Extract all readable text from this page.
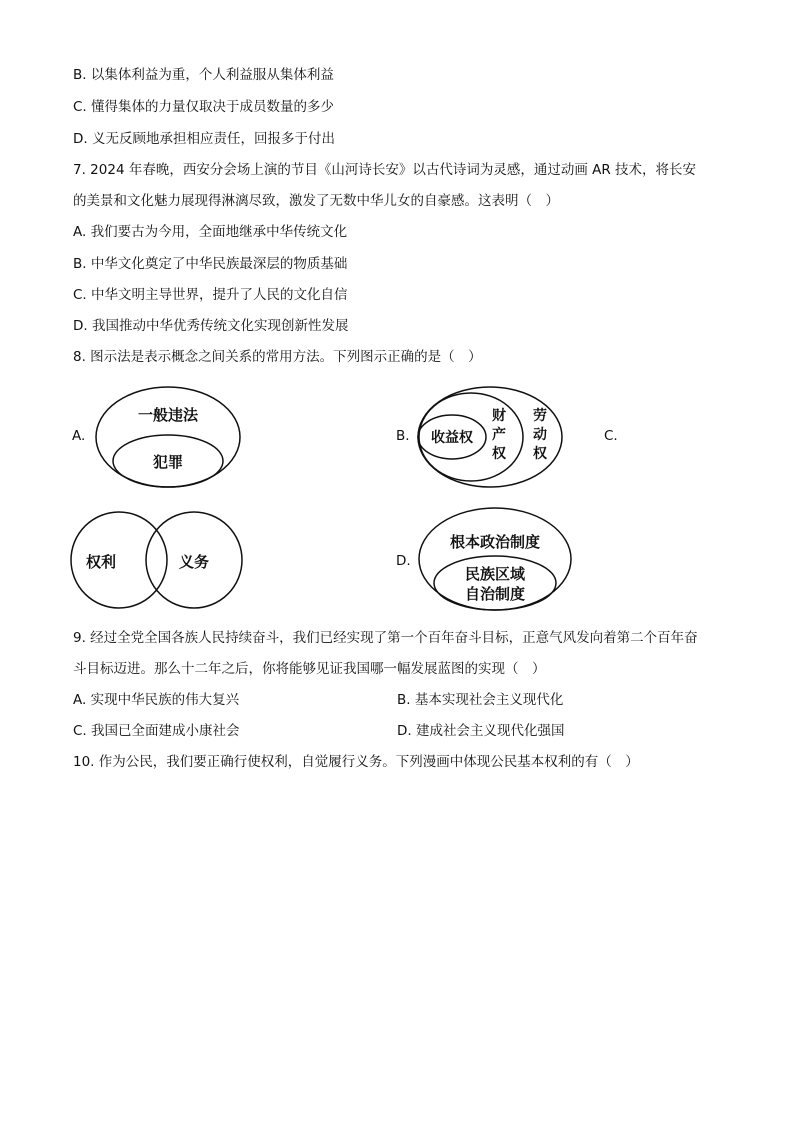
B. 以集体利益为重，个人利益服从集体利益
C. 懂得集体的力量仅取决于成员数量的多少
D. 义无反顾地承担相应责任，回报多于付出
7. 2024 年春晚，西安分会场上演的节目《山河诗长安》以古代诗词为灵感，通过动画 AR 技术，将长安
的美景和文化魅力展现得淋漓尽致，激发了无数中华儿女的自豪感。这表明（　）
A. 我们要古为今用，全面地继承中华传统文化
B. 中华文化奠定了中华民族最深层的物质基础
C. 中华文明主导世界，提升了人民的文化自信
D. 我国推动中华优秀传统文化实现创新性发展
8. 图示法是表示概念之间关系的常用方法。下列图示正确的是（　）
A.
一般违法
犯罪
B. 收益权
财
产
权
劳
动
权
C.
权利	义务	D.
根本政治制度
民族区域
自治制度
9. 经过全党全国各族人民持续奋斗，我们已经实现了第一个百年奋斗目标，正意气风发向着第二个百年奋
斗目标迈进。那么十二年之后，你将能够见证我国哪一幅发展蓝图的实现（　）
A. 实现中华民族的伟大复兴	B. 基本实现社会主义现代化
C. 我国已全面建成小康社会	D. 建成社会主义现代化强国
10. 作为公民，我们要正确行使权利，自觉履行义务。下列漫画中体现公民基本权利的有（　）
